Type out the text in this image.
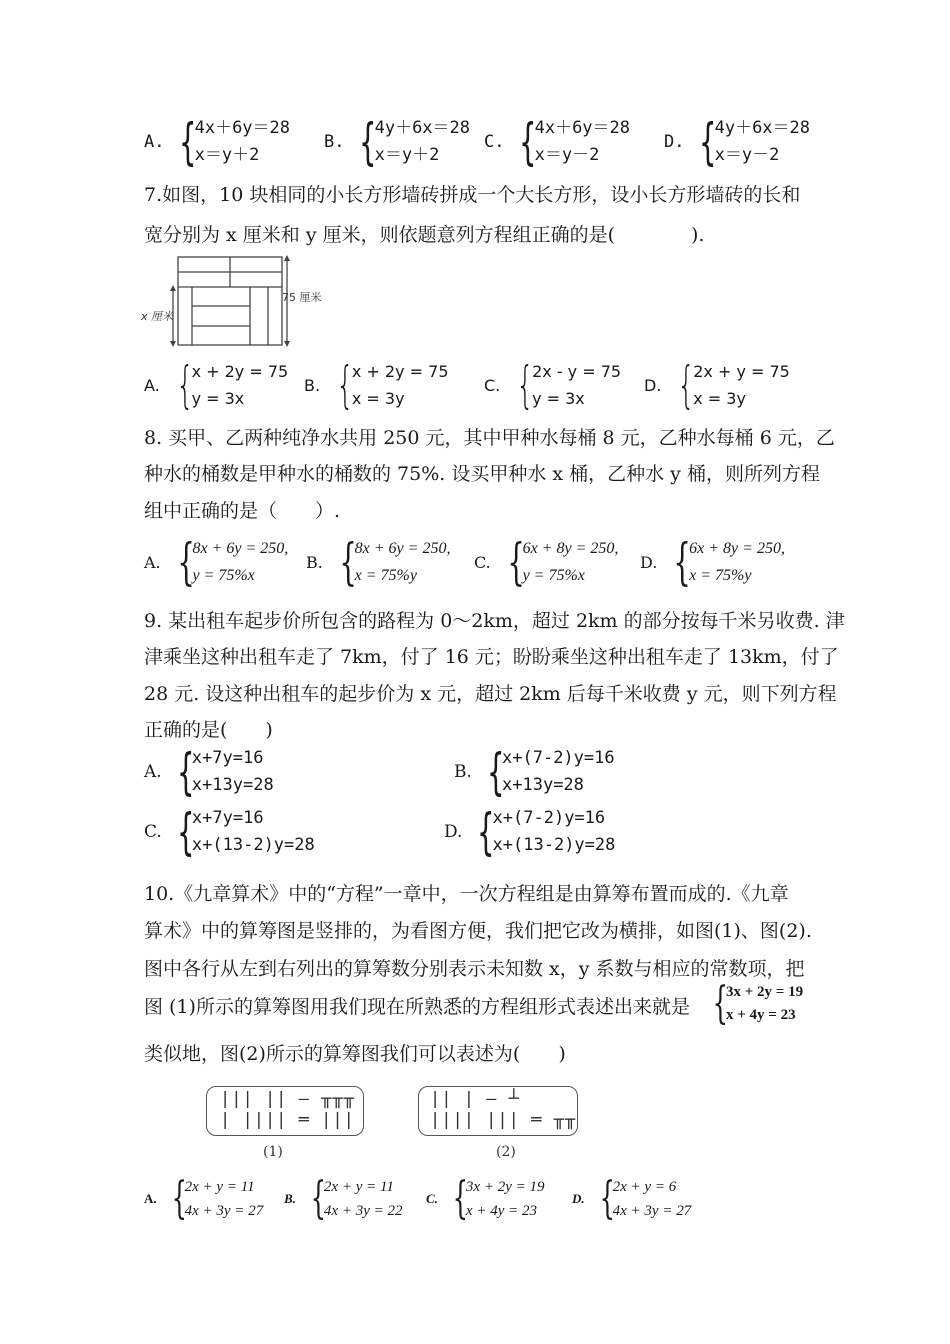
A. {
4x＋6y＝28
x＝y＋2
B. {
4y＋6x＝28
x＝y＋2
C. {
4x＋6y＝28
x＝y－2
D. {
4y＋6x＝28
x＝y－2
7.如图，10 块相同的小长方形墙砖拼成一个大长方形，设小长方形墙砖的长和
宽分别为 x 厘米和 y 厘米，则依题意列方程组正确的是(　　　　).
x 厘米
75 厘米
A. {
x + 2y = 75
y = 3x
B. {
x + 2y = 75
x = 3y
C. {
2x - y = 75
y = 3x
D. {
2x + y = 75
x = 3y
8. 买甲、乙两种纯净水共用 250 元，其中甲种水每桶 8 元，乙种水每桶 6 元，乙
种水的桶数是甲种水的桶数的 75%. 设买甲种水 x 桶，乙种水 y 桶，则所列方程
组中正确的是（　　）.
A. {
8x + 6y = 250,
y = 75%x
B. {
8x + 6y = 250,
x = 75%y
C. {
6x + 8y = 250,
y = 75%x
D. {
6x + 8y = 250,
x = 75%y
9. 某出租车起步价所包含的路程为 0～2km，超过 2km 的部分按每千米另收费. 津
津乘坐这种出租车走了 7km，付了 16 元；盼盼乘坐这种出租车走了 13km，付了
28 元. 设这种出租车的起步价为 x 元，超过 2km 后每千米收费 y 元，则下列方程
正确的是(　　)
A. {
x+7y=16
x+13y=28
B. {
x+(7-2)y=16
x+13y=28
C. {
x+7y=16
x+(13-2)y=28
D. {
x+(7-2)y=16
x+(13-2)y=28
10.《九章算术》中的“方程”一章中，一次方程组是由算筹布置而成的.《九章
算术》中的算筹图是竖排的，为看图方便，我们把它改为横排，如图(1)、图(2).
图中各行从左到右列出的算筹数分别表示未知数 x，y 系数与相应的常数项，把
图 (1)所示的算筹图用我们现在所熟悉的方程组形式表述出来就是 {
3x + 2y = 19
x + 4y = 23
类似地，图(2)所示的算筹图我们可以表述为(　　)
||| || — ╥╥╥
| |||| ═ |||
(1)
|| | — ┴
|||| ||| ═ ╥╥
(2)
A. {
2x + y = 11
4x + 3y = 27
B. {
2x + y = 11
4x + 3y = 22
C. {
3x + 2y = 19
x + 4y = 23
D. {
2x + y = 6
4x + 3y = 27
